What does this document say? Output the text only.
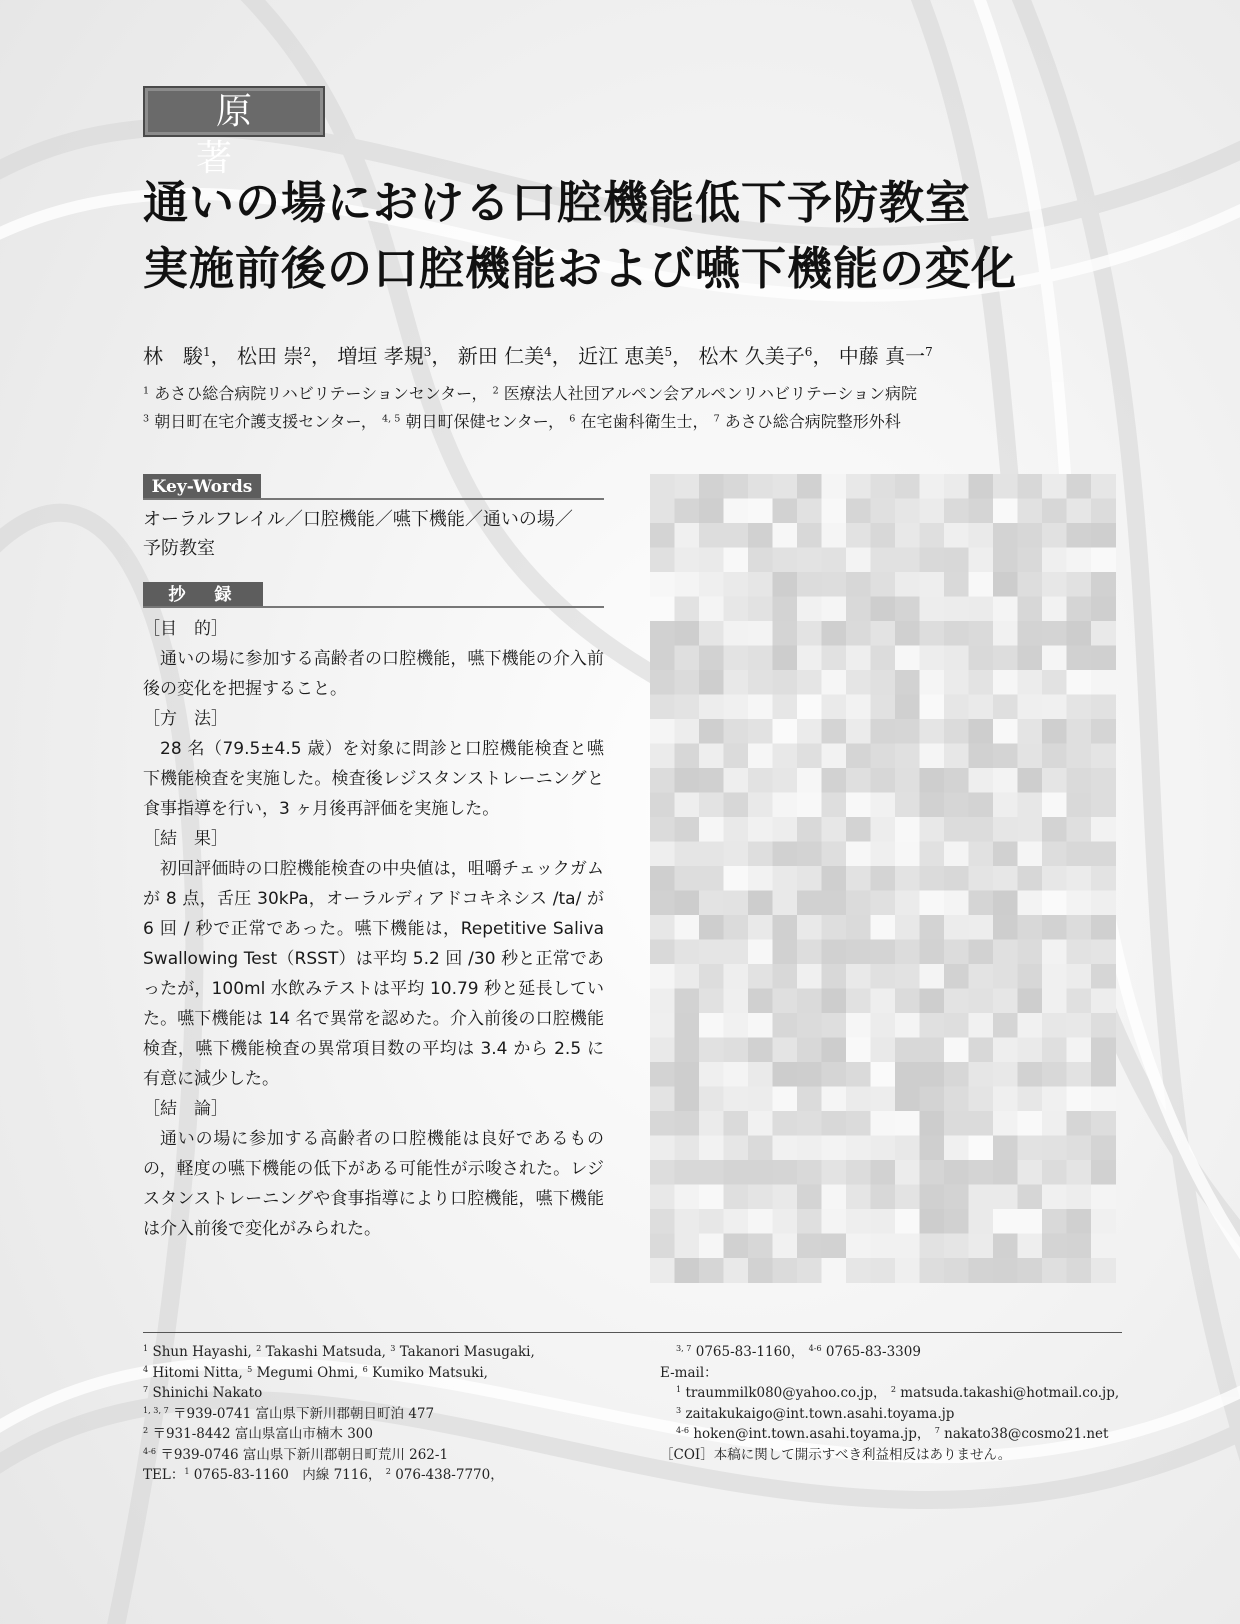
原　著
通いの場における口腔機能低下予防教室
実施前後の口腔機能および嚥下機能の変化
林　駿$^1$， 松田 崇$^2$， 増垣 孝規$^3$， 新田 仁美$^4$， 近江 恵美$^5$， 松木 久美子$^6$， 中藤 真一$^7$
$^1$ あさひ総合病院リハビリテーションセンター， $^2$ 医療法人社団アルペン会アルペンリハビリテーション病院
$^3$ 朝日町在宅介護支援センター， $^{4, 5}$ 朝日町保健センター， $^6$ 在宅歯科衛生士， $^7$ あさひ総合病院整形外科
Key-Words
オーラルフレイル／口腔機能／嚥下機能／通いの場／
予防教室
抄　録
［目　的］
通いの場に参加する高齢者の口腔機能，嚥下機能の介入前後の変化を把握すること。
［方　法］
28 名（79.5±4.5 歳）を対象に問診と口腔機能検査と嚥下機能検査を実施した。検査後レジスタンストレーニングと食事指導を行い，3 ヶ月後再評価を実施した。
［結　果］
初回評価時の口腔機能検査の中央値は，咀嚼チェックガムが 8 点，舌圧 30kPa，オーラルディアドコキネシス /ta/ が 6 回 / 秒で正常であった。嚥下機能は，Repetitive Saliva Swallowing Test（RSST）は平均 5.2 回 /30 秒と正常であったが，100ml 水飲みテストは平均 10.79 秒と延長していた。嚥下機能は 14 名で異常を認めた。介入前後の口腔機能検査，嚥下機能検査の異常項目数の平均は 3.4 から 2.5 に有意に減少した。
［結　論］
通いの場に参加する高齢者の口腔機能は良好であるものの，軽度の嚥下機能の低下がある可能性が示唆された。レジスタンストレーニングや食事指導により口腔機能，嚥下機能は介入前後で変化がみられた。
$^1$ Shun Hayashi, $^2$ Takashi Matsuda, $^3$ Takanori Masugaki,
$^4$ Hitomi Nitta, $^5$ Megumi Ohmi, $^6$ Kumiko Matsuki,
$^7$ Shinichi Nakato
$^{1, 3, 7}$ 〒939-0741 富山県下新川郡朝日町泊 477
$^2$ 〒931-8442 富山県富山市楠木 300
$^{4-6}$ 〒939-0746 富山県下新川郡朝日町荒川 262-1
TEL：$^1$ 0765-83-1160　内線 7116， $^2$ 076-438-7770，
$^{3, 7}$ 0765-83-1160， $^{4-6}$ 0765-83-3309
E-mail：
$^1$ traummilk080@yahoo.co.jp， $^2$ matsuda.takashi@hotmail.co.jp,
$^3$ zaitakukaigo@int.town.asahi.toyama.jp
$^{4-6}$ hoken@int.town.asahi.toyama.jp， $^7$ nakato38@cosmo21.net
［COI］本稿に関して開示すべき利益相反はありません。
